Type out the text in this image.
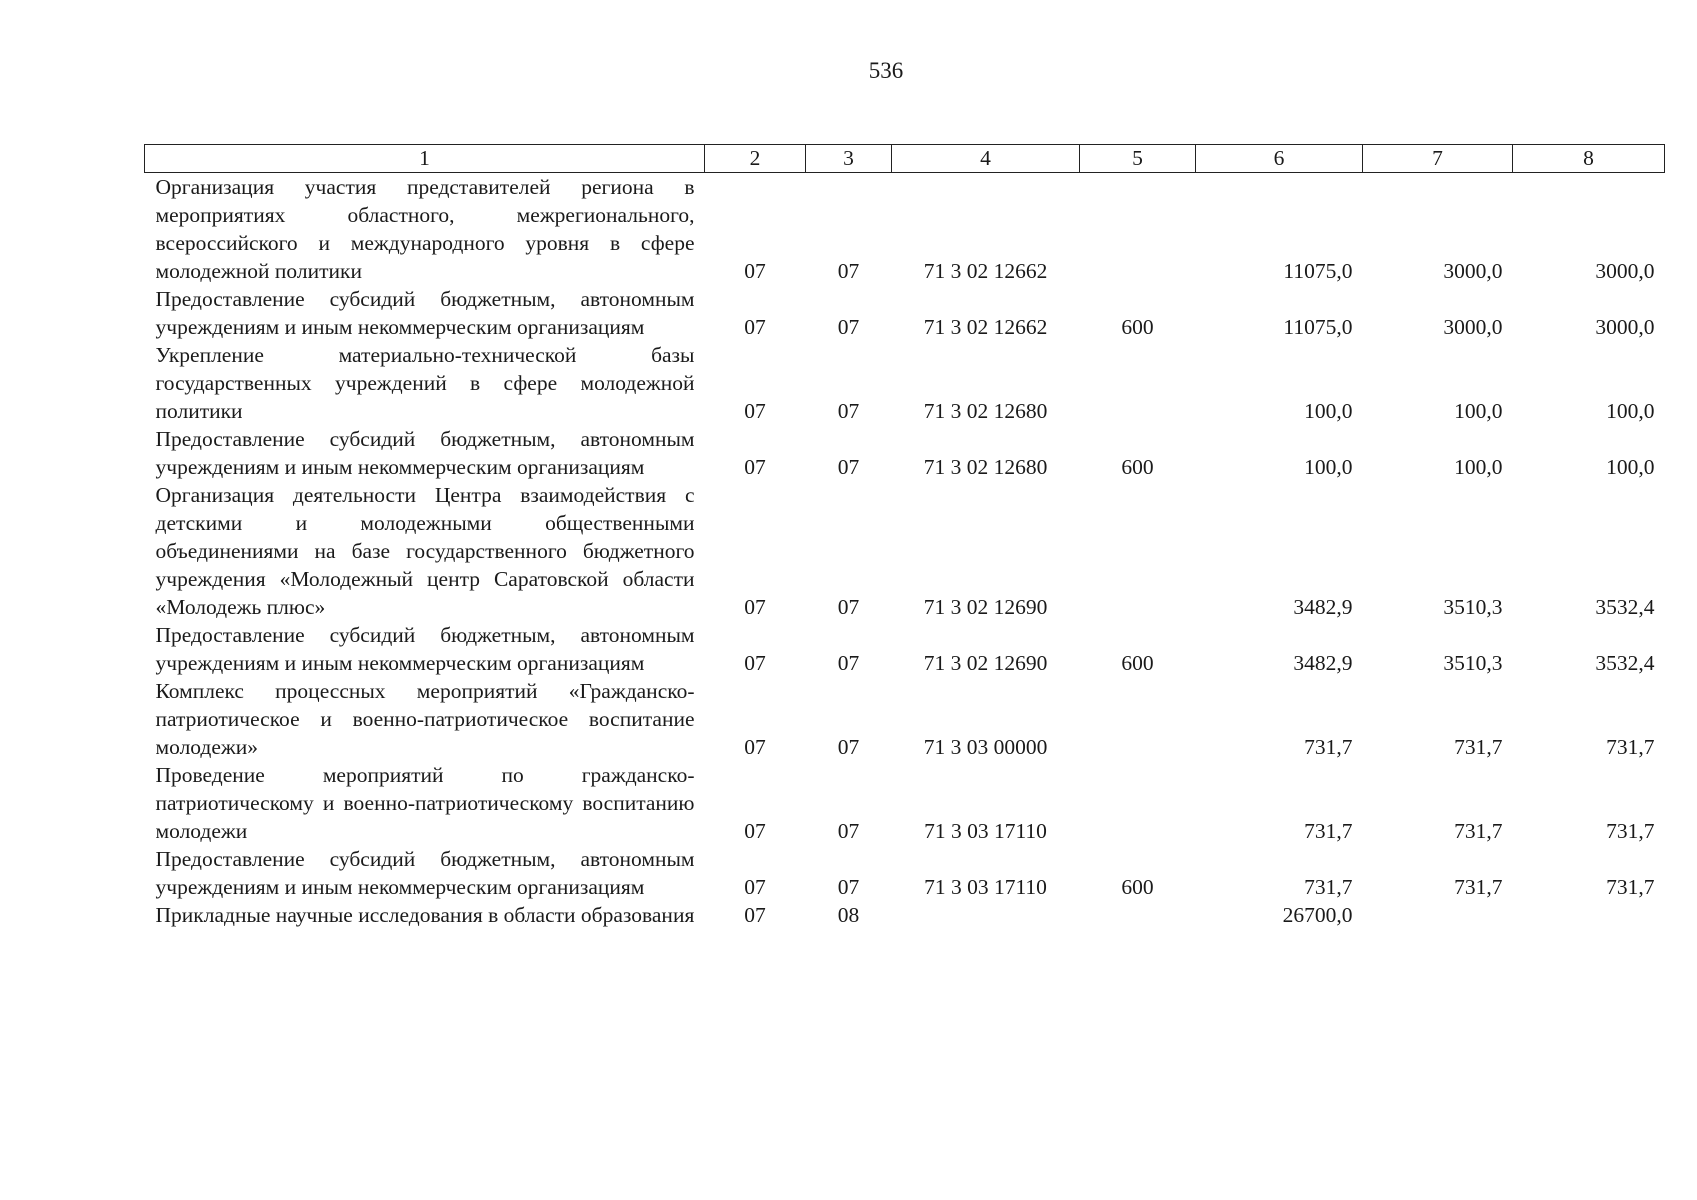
536
1	2	3	4	5	6	7	8
Организация участия представителей региона в мероприятиях областного, межрегионального, всероссийского и международного уровня в сфере молодежной политики	07	07	71 3 02 12662		11075,0	3000,0	3000,0
Предоставление субсидий бюджетным, автономным учреждениям и иным некоммерческим организациям	07	07	71 3 02 12662	600	11075,0	3000,0	3000,0
Укрепление материально-технической базы государственных учреждений в сфере молодежной политики	07	07	71 3 02 12680		100,0	100,0	100,0
Предоставление субсидий бюджетным, автономным учреждениям и иным некоммерческим организациям	07	07	71 3 02 12680	600	100,0	100,0	100,0
Организация деятельности Центра взаимодействия с детскими и молодежными общественными объединениями на базе государственного бюджетного учреждения «Молодежный центр Саратовской области «Молодежь плюс»	07	07	71 3 02 12690		3482,9	3510,3	3532,4
Предоставление субсидий бюджетным, автономным учреждениям и иным некоммерческим организациям	07	07	71 3 02 12690	600	3482,9	3510,3	3532,4
Комплекс процессных мероприятий «Гражданско-патриотическое и военно-патриотическое воспитание молодежи»	07	07	71 3 03 00000		731,7	731,7	731,7
Проведение мероприятий по гражданско-патриотическому и военно-патриотическому воспитанию молодежи	07	07	71 3 03 17110		731,7	731,7	731,7
Предоставление субсидий бюджетным, автономным учреждениям и иным некоммерческим организациям	07	07	71 3 03 17110	600	731,7	731,7	731,7
Прикладные научные исследования в области образования	07	08			26700,0		
